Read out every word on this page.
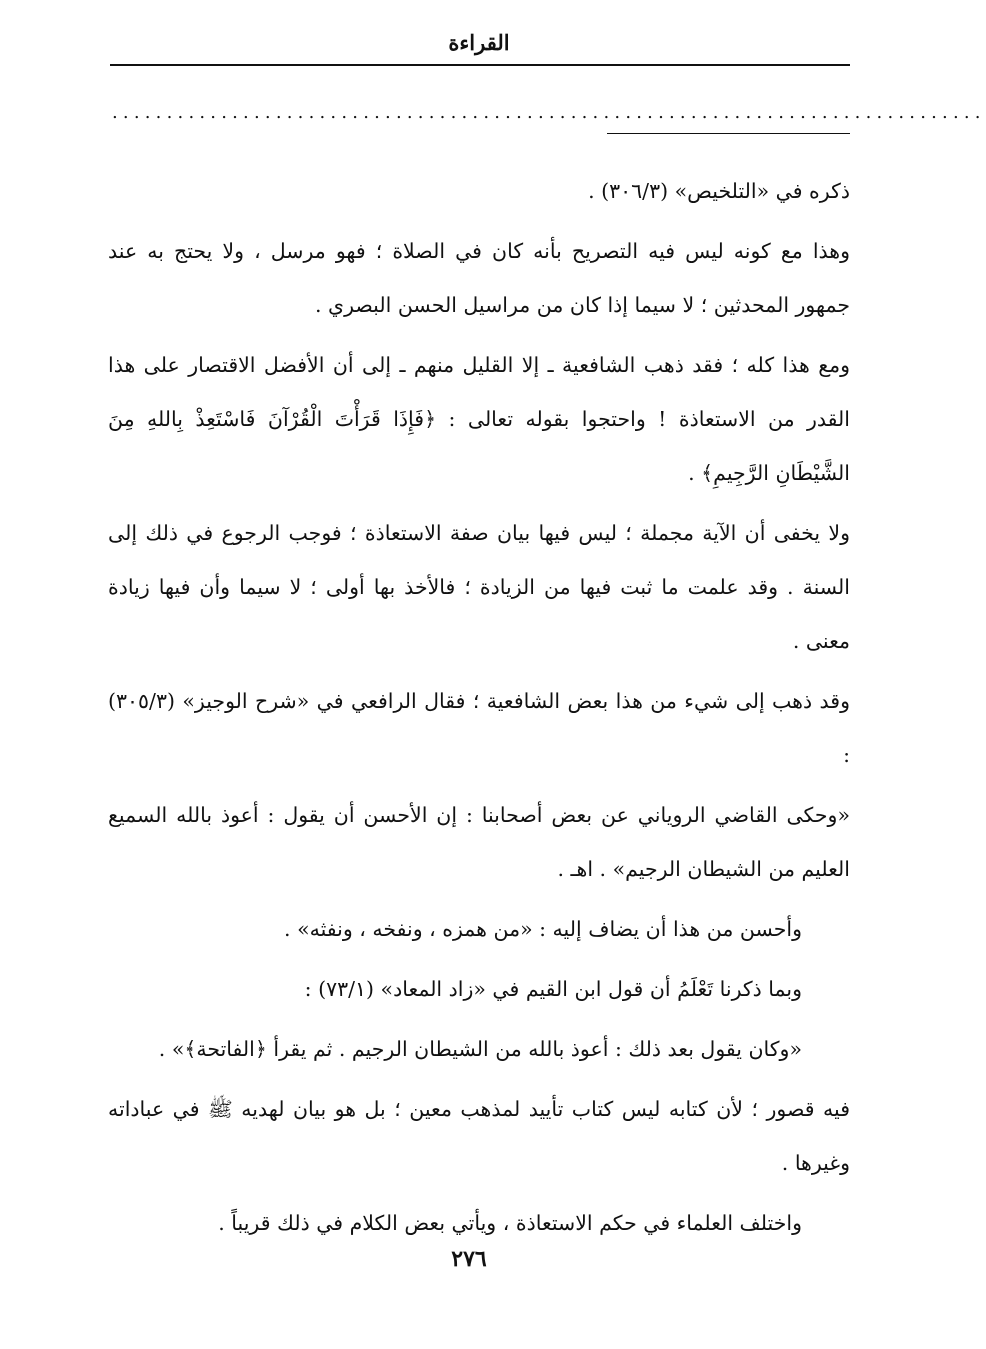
القراءة
................................................................................

ذكره في «التلخيص» (٣٠٦/٣) .

وهذا مع كونه ليس فيه التصريح بأنه كان في الصلاة ؛ فهو مرسل ، ولا يحتج به عند جمهور المحدثين ؛ لا سيما إذا كان من مراسيل الحسن البصري .

ومع هذا كله ؛ فقد ذهب الشافعية ـ إلا القليل منهم ـ إلى أن الأفضل الاقتصار على هذا القدر من الاستعاذة ! واحتجوا بقوله تعالى : ﴿فَإِذَا قَرَأْتَ الْقُرْآنَ فَاسْتَعِذْ بِاللهِ مِنَ الشَّيْطَانِ الرَّجِيمِ﴾ .

ولا يخفى أن الآية مجملة ؛ ليس فيها بيان صفة الاستعاذة ؛ فوجب الرجوع في ذلك إلى السنة . وقد علمت ما ثبت فيها من الزيادة ؛ فالأخذ بها أولى ؛ لا سيما وأن فيها زيادة معنى .

وقد ذهب إلى شيء من هذا بعض الشافعية ؛ فقال الرافعي في «شرح الوجيز» (٣٠٥/٣) :

«وحكى القاضي الروياني عن بعض أصحابنا : إن الأحسن أن يقول : أعوذ بالله السميع العليم من الشيطان الرجيم» . اهـ .

وأحسن من هذا أن يضاف إليه : «من همزه ، ونفخه ، ونفثه» .

وبما ذكرنا تَعْلَمُ أن قول ابن القيم في «زاد المعاد» (٧٣/١) :

«وكان يقول بعد ذلك : أعوذ بالله من الشيطان الرجيم . ثم يقرأ ﴿الفاتحة﴾» .

فيه قصور ؛ لأن كتابه ليس كتاب تأييد لمذهب معين ؛ بل هو بيان لهديه ﷺ في عباداته وغيرها .

واختلف العلماء في حكم الاستعاذة ، ويأتي بعض الكلام في ذلك قريباً .

٢٧٦
